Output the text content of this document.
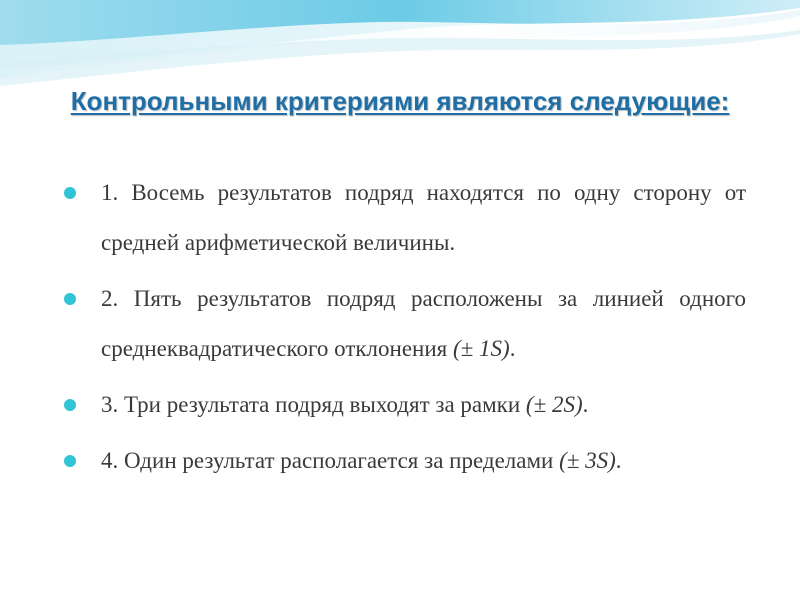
Контрольными критериями являются следующие:
1. Восемь результатов подряд находятся по одну сторону от средней арифметической величины.
2. Пять результатов подряд расположены за линией одного среднеквадратического отклонения (± 1S).
3. Три результата подряд выходят за рамки (± 2S).
4. Один результат располагается за пределами (± 3S).
